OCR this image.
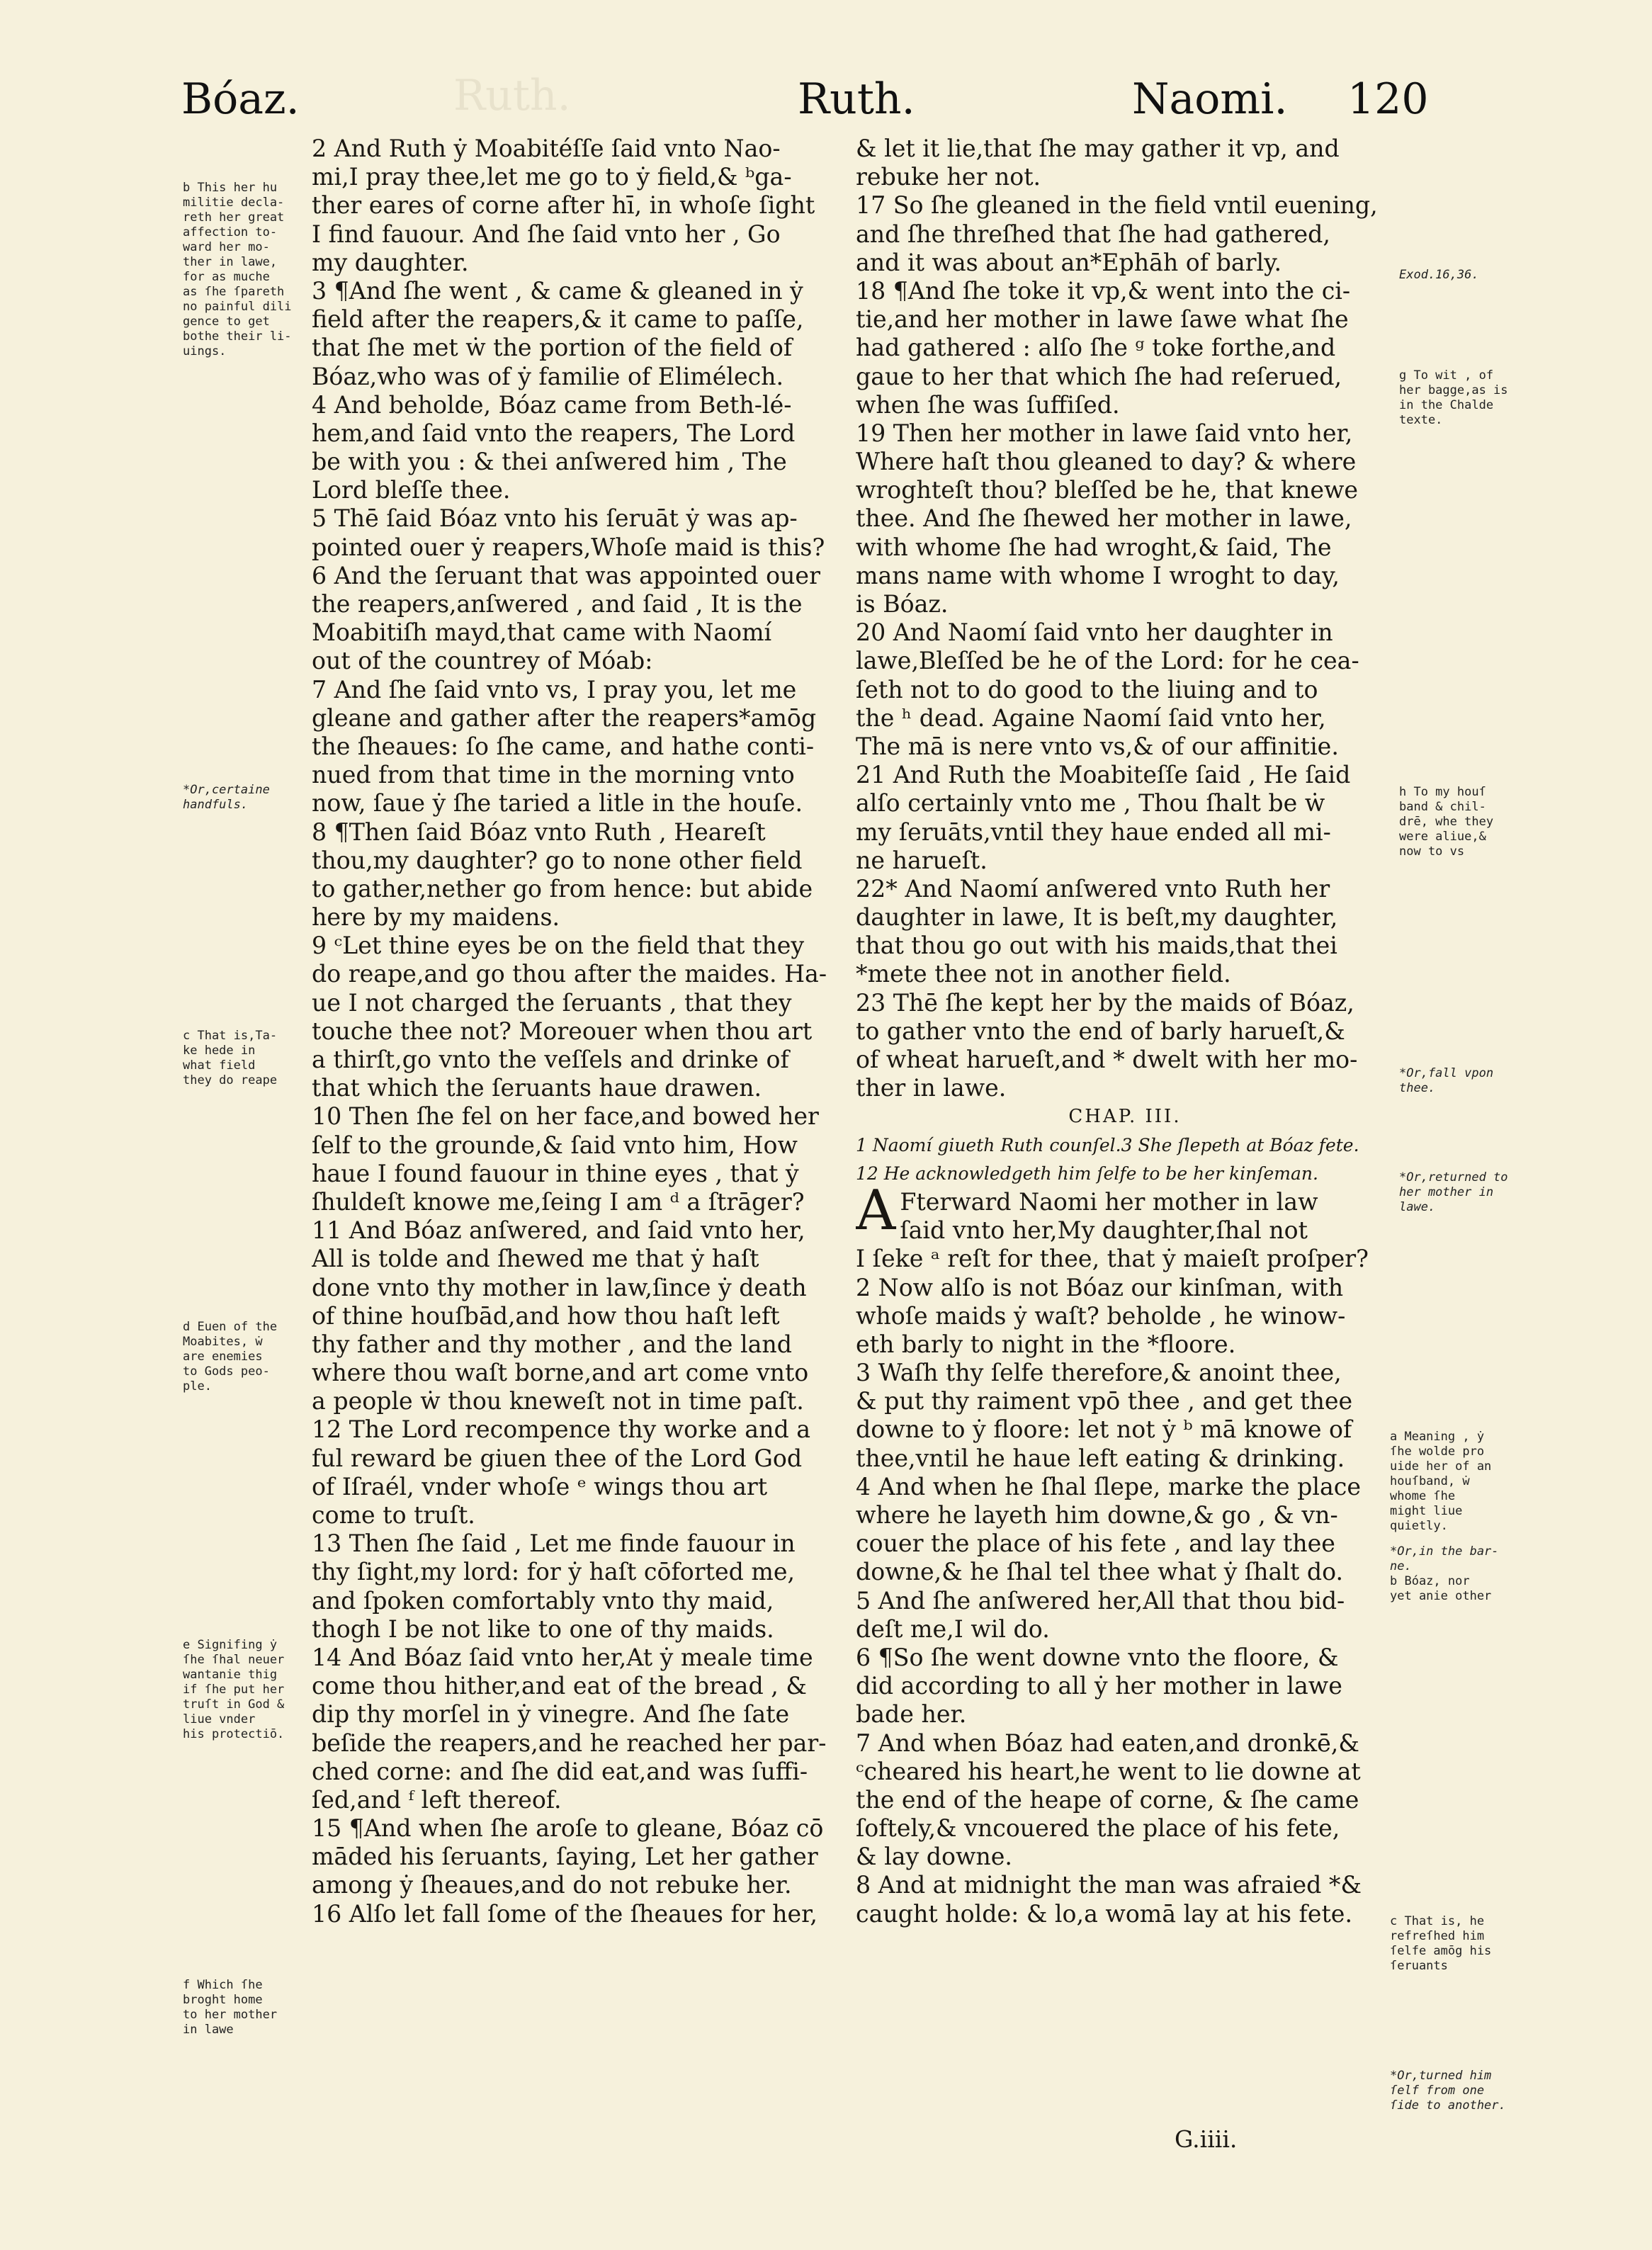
Ruth.
Bóaz.	Ruth.	Naomi. 120
2 And Ruth ẏ Moabitéſſe ſaid vnto Nao-
mi,I pray thee,let me go to ẏ field,& ᵇga-
ther eares of corne after hī, in whoſe ſight
I find fauour. And ſhe ſaid vnto her , Go
my daughter.
3 ¶And ſhe went , & came & gleaned in ẏ
field after the reapers,& it came to paſſe,
that ſhe met ẇ the portion of the field of
Bóaz,who was of ẏ familie of Elimélech.
4 And beholde, Bóaz came from Beth-lé-
hem,and ſaid vnto the reapers, The Lord
be with you : & thei anſwered him , The
Lord bleſſe thee.
5 Thē ſaid Bóaz vnto his ſeruāt ẏ was ap-
pointed ouer ẏ reapers,Whoſe maid is this?
6 And the ſeruant that was appointed ouer
the reapers,anſwered , and ſaid , It is the
Moabitiſh mayd,that came with Naomí
out of the countrey of Móab:
7 And ſhe ſaid vnto vs, I pray you, let me
gleane and gather after the reapers*amōg
the ſheaues: ſo ſhe came, and hathe conti-
nued from that time in the morning vnto
now, ſaue ẏ ſhe taried a litle in the houſe.
8 ¶Then ſaid Bóaz vnto Ruth , Heareſt
thou,my daughter? go to none other field
to gather,nether go from hence: but abide
here by my maidens.
9 ᶜLet thine eyes be on the field that they
do reape,and go thou after the maides. Ha-
ue I not charged the ſeruants , that they
touche thee not? Moreouer when thou art
a thirſt,go vnto the veſſels and drinke of
that which the ſeruants haue drawen.
10 Then ſhe fel on her face,and bowed her
ſelf to the grounde,& ſaid vnto him, How
haue I found fauour in thine eyes , that ẏ
ſhuldeſt knowe me,ſeing I am ᵈ a ſtrāger?
11 And Bóaz anſwered, and ſaid vnto her,
All is tolde and ſhewed me that ẏ haſt
done vnto thy mother in law,ſince ẏ death
of thine houſbād,and how thou haſt left
thy father and thy mother , and the land
where thou waſt borne,and art come vnto
a people ẇ thou kneweſt not in time paſt.
12 The Lord recompence thy worke and a
ful reward be giuen thee of the Lord God
of Iſraél, vnder whoſe ᵉ wings thou art
come to truſt.
13 Then ſhe ſaid , Let me finde fauour in
thy ſight,my lord: for ẏ haſt cōforted me,
and ſpoken comfortably vnto thy maid,
thogh I be not like to one of thy maids.
14 And Bóaz ſaid vnto her,At ẏ meale time
come thou hither,and eat of the bread , &
dip thy morſel in ẏ vinegre. And ſhe ſate
beſide the reapers,and he reached her par-
ched corne: and ſhe did eat,and was ſuffi-
ſed,and ᶠ left thereof.
15 ¶And when ſhe aroſe to gleane, Bóaz cō
māded his ſeruants, ſaying, Let her gather
among ẏ ſheaues,and do not rebuke her.
16 Alſo let fall ſome of the ſheaues for her,
& let it lie,that ſhe may gather it vp, and
rebuke her not.
17 So ſhe gleaned in the field vntil euening,
and ſhe threſhed that ſhe had gathered,
and it was about an*Ephāh of barly.
18 ¶And ſhe toke it vp,& went into the ci-
tie,and her mother in lawe ſawe what ſhe
had gathered : alſo ſhe ᵍ toke forthe,and
gaue to her that which ſhe had reſerued,
when ſhe was ſuffiſed.
19 Then her mother in lawe ſaid vnto her,
Where haſt thou gleaned to day? & where
wroghteſt thou? bleſſed be he, that knewe
thee. And ſhe ſhewed her mother in lawe,
with whome ſhe had wroght,& ſaid, The
mans name with whome I wroght to day,
is Bóaz.
20 And Naomí ſaid vnto her daughter in
lawe,Bleſſed be he of the Lord: for he cea-
ſeth not to do good to the liuing and to
the ʰ dead. Againe Naomí ſaid vnto her,
The mā is nere vnto vs,& of our affinitie.
21 And Ruth the Moabiteſſe ſaid , He ſaid
alſo certainly vnto me , Thou ſhalt be ẇ
my ſeruāts,vntil they haue ended all mi-
ne harueſt.
22* And Naomí anſwered vnto Ruth her
daughter in lawe, It is beſt,my daughter,
that thou go out with his maids,that thei
*mete thee not in another field.
23 Thē ſhe kept her by the maids of Bóaz,
to gather vnto the end of barly harueſt,&
of wheat harueſt,and * dwelt with her mo-
ther in lawe.
CHAP. III.
1 Naomí giueth Ruth counſel.3 She ſlepeth at Bóaz fete.
12 He acknowledgeth him ſelfe to be her kinſeman.
A Fterward Naomi her mother in law
ſaid vnto her,My daughter,ſhal not
I ſeke ᵃ reſt for thee, that ẏ maieſt proſper?
2 Now alſo is not Bóaz our kinſman, with
whoſe maids ẏ waſt? beholde , he winow-
eth barly to night in the *floore.
3 Waſh thy ſelfe therefore,& anoint thee,
& put thy raiment vpō thee , and get thee
downe to ẏ floore: let not ẏ ᵇ mā knowe of
thee,vntil he haue left eating & drinking.
4 And when he ſhal ſlepe, marke the place
where he layeth him downe,& go , & vn-
couer the place of his fete , and lay thee
downe,& he ſhal tel thee what ẏ ſhalt do.
5 And ſhe anſwered her,All that thou bid-
deſt me,I wil do.
6 ¶So ſhe went downe vnto the floore, &
did according to all ẏ her mother in lawe
bade her.
7 And when Bóaz had eaten,and dronkē,&
ᶜcheared his heart,he went to lie downe at
the end of the heape of corne, & ſhe came
ſoftely,& vncouered the place of his fete,
& lay downe.
8 And at midnight the man was afraied *&
caught holde: & lo,a womā lay at his fete.
b This her hu
militie decla-
reth her great
affection to-
ward her mo-
ther in lawe,
for as muche
as ſhe ſpareth
no painful dili
gence to get
bothe their li-
uings.
*Or,certaine
handfuls.
c That is,Ta-
ke hede in
what field
they do reape
d Euen of the
Moabites, ẇ
are enemies
to Gods peo-
ple.
e Signifing ẏ
ſhe ſhal neuer
wantanie thig
if ſhe put her
truſt in God &
liue vnder
his protectiō.
f Which ſhe
broght home
to her mother
in lawe
Exod.16,36.
g To wit , of
her bagge,as is
in the Chalde
texte.
h To my houſ
band & chil-
drē, whe they
were aliue,&
now to vs
*Or,fall vpon
thee.
*Or,returned to
her mother in
lawe.
a Meaning , ẏ
ſhe wolde pro
uide her of an
houſband, ẇ
whome ſhe
might liue
quietly.
*Or,in the bar-
ne.
b Bóaz, nor
yet anie other
c That is, he
refreſhed him
ſelfe amōg his
ſeruants
*Or,turned him
ſelf from one
ſide to another.
G.iiii.
